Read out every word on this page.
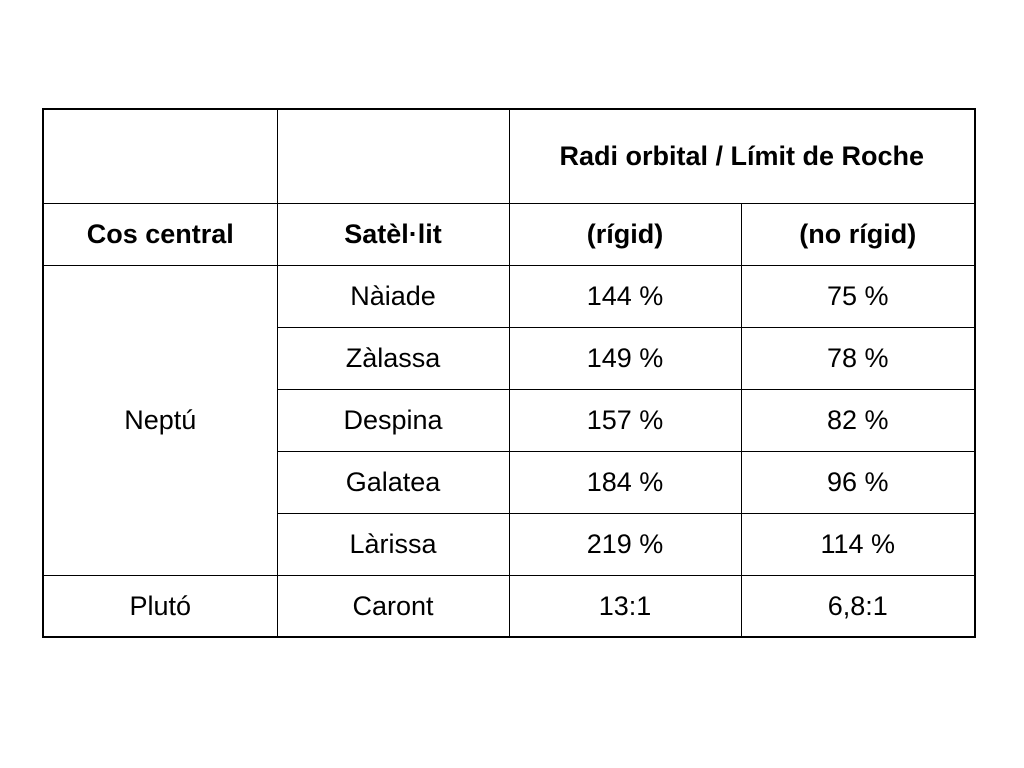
		Radi orbital / Límit de Roche	
Cos central	Satèl·lit	(rígid)	(no rígid)
Neptú	Nàiade	144 %	75 %
	Zàlassa	149 %	78 %
	Despina	157 %	82 %
	Galatea	184 %	96 %
	Làrissa	219 %	114 %
Plutó	Caront	13:1	6,8:1
